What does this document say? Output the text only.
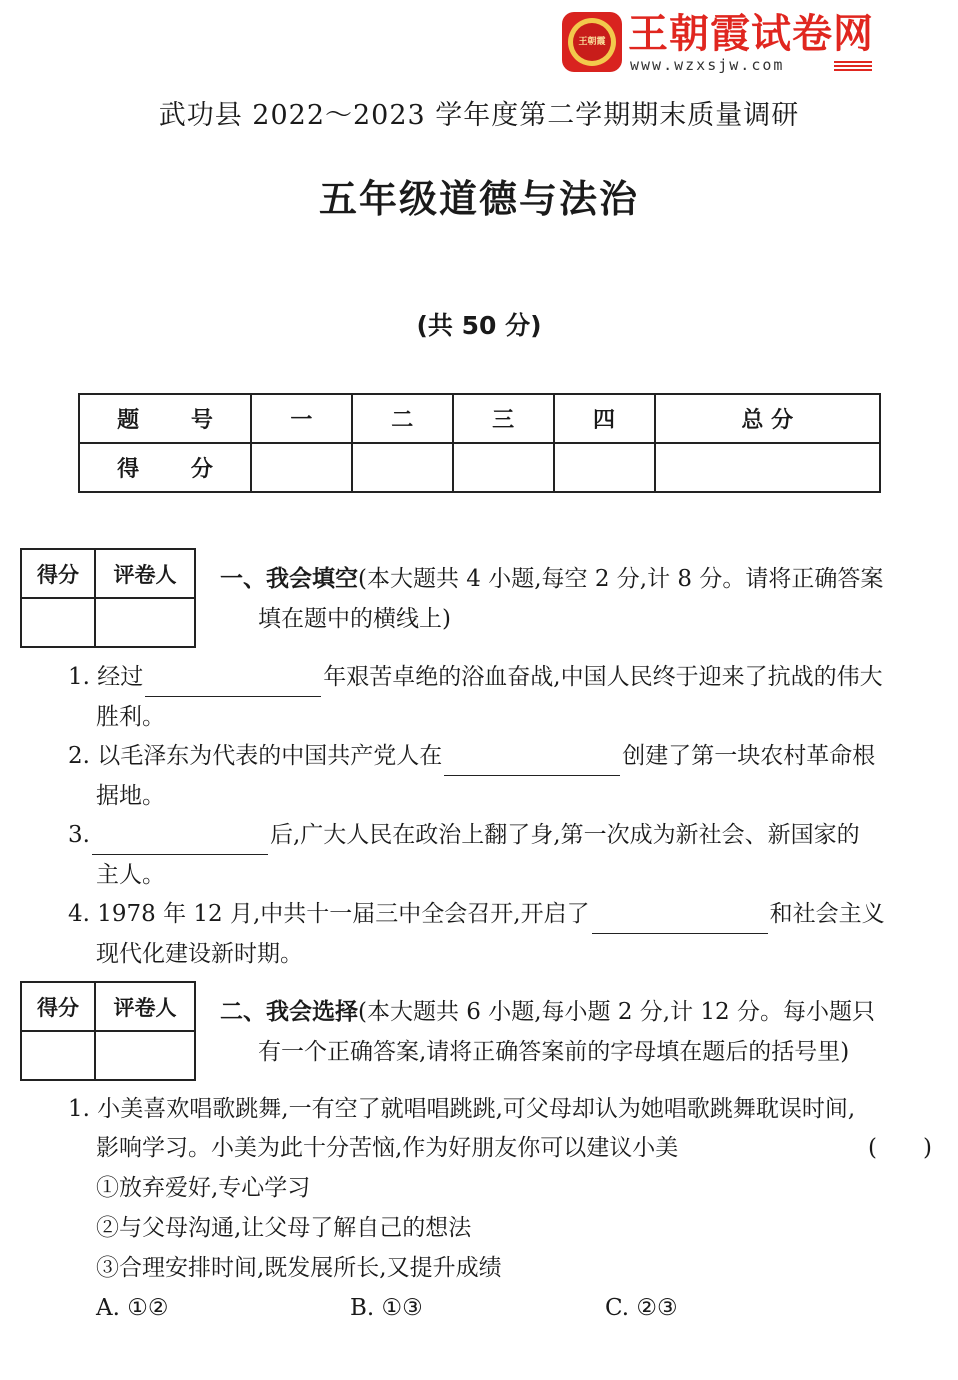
王朝霞 王朝霞试卷网
www.wzxsjw.com
武功县 2022～2023 学年度第二学期期末质量调研
五年级道德与法治
(共 50 分)
题 号	一	二	三	四	总 分
得 分					
得分	评卷人
	一、我会填空(本大题共 4 小题,每空 2 分,计 8 分。请将正确答案
填在题中的横线上)
1. 经过	年艰苦卓绝的浴血奋战,中国人民终于迎来了抗战的伟大
胜利。
2. 以毛泽东为代表的中国共产党人在	创建了第一块农村革命根
据地。
3.	后,广大人民在政治上翻了身,第一次成为新社会、新国家的
主人。
4. 1978 年 12 月,中共十一届三中全会召开,开启了	和社会主义
现代化建设新时期。
得分	评卷人
	二、我会选择(本大题共 6 小题,每小题 2 分,计 12 分。每小题只
有一个正确答案,请将正确答案前的字母填在题后的括号里)
1. 小美喜欢唱歌跳舞,一有空了就唱唱跳跳,可父母却认为她唱歌跳舞耽误时间,
影响学习。小美为此十分苦恼,作为好朋友你可以建议小美	(　　)
①放弃爱好,专心学习
②与父母沟通,让父母了解自己的想法
③合理安排时间,既发展所长,又提升成绩
A. ①②	B. ①③	C. ②③
